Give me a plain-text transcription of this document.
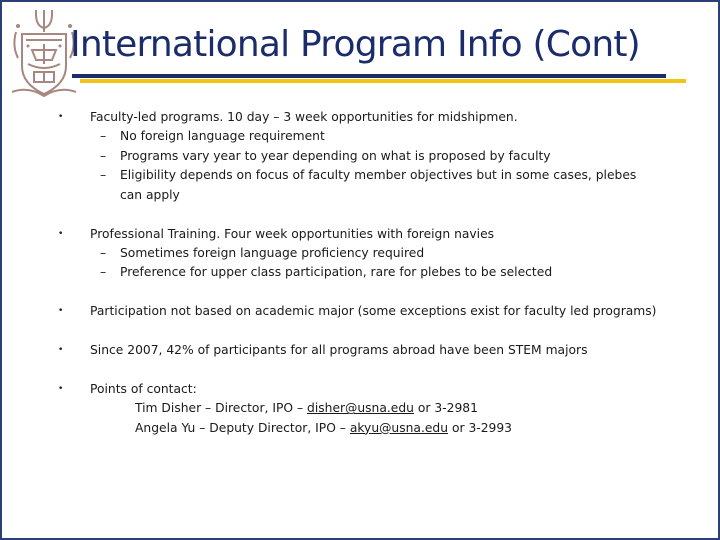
International Program Info (Cont)
•	Faculty-led programs. 10 day – 3 week opportunities for midshipmen.
–	No foreign language requirement
–	Programs vary year to year depending on what is proposed by faculty
–	Eligibility depends on focus of faculty member objectives but in some cases, plebes can apply
•	Professional Training. Four week opportunities with foreign navies
–	Sometimes foreign language proficiency required
–	Preference for upper class participation, rare for plebes to be selected
•	Participation not based on academic major (some exceptions exist for faculty led programs)
•	Since 2007, 42% of participants for all programs abroad have been STEM majors
•	Points of contact:
Tim Disher – Director, IPO – disher@usna.edu or 3-2981
Angela Yu – Deputy Director, IPO – akyu@usna.edu or 3-2993
